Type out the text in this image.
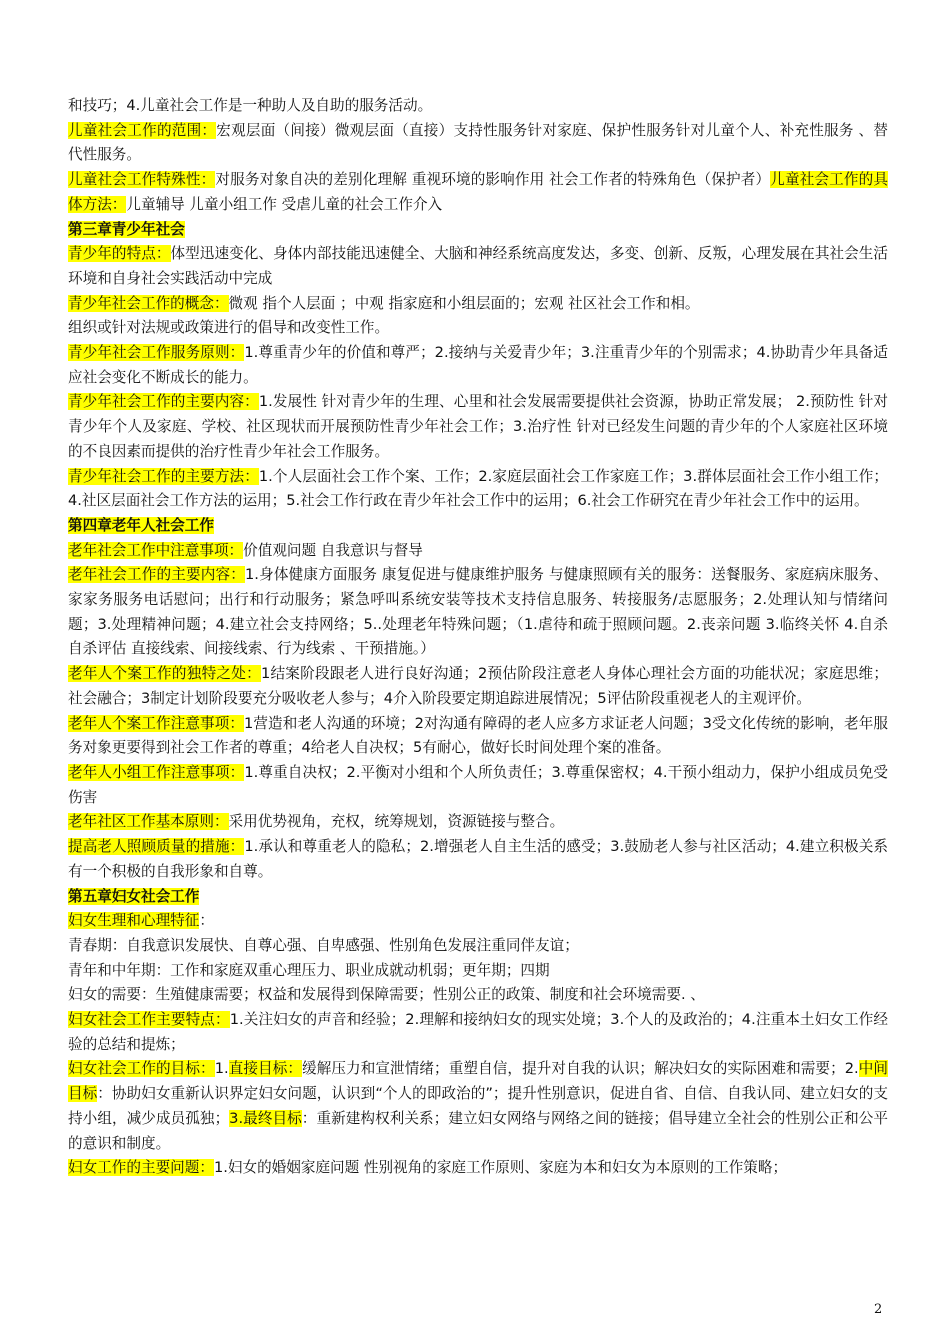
和技巧；4.儿童社会工作是一种助人及自助的服务活动。

儿童社会工作的范围：宏观层面（间接）微观层面（直接）支持性服务针对家庭、保护性服务针对儿童个人、补充性服务 、替代性服务。

儿童社会工作特殊性：对服务对象自决的差别化理解 重视环境的影响作用 社会工作者的特殊角色（保护者）儿童社会工作的具体方法：儿童辅导 儿童小组工作 受虐儿童的社会工作介入

第三章青少年社会

青少年的特点：体型迅速变化、身体内部技能迅速健全、大脑和神经系统高度发达，多变、创新、反叛，心理发展在其社会生活环境和自身社会实践活动中完成

青少年社会工作的概念：微观 指个人层面 ；中观 指家庭和小组层面的；宏观 社区社会工作和相。

组织或针对法规或政策进行的倡导和改变性工作。

青少年社会工作服务原则：1.尊重青少年的价值和尊严；2.接纳与关爱青少年；3.注重青少年的个别需求；4.协助青少年具备适应社会变化不断成长的能力。

青少年社会工作的主要内容：1.发展性 针对青少年的生理、心里和社会发展需要提供社会资源，协助正常发展； 2.预防性 针对青少年个人及家庭、学校、社区现状而开展预防性青少年社会工作；3.治疗性 针对已经发生问题的青少年的个人家庭社区环境的不良因素而提供的治疗性青少年社会工作服务。

青少年社会工作的主要方法：1.个人层面社会工作个案、工作；2.家庭层面社会工作家庭工作；3.群体层面社会工作小组工作；4.社区层面社会工作方法的运用；5.社会工作行政在青少年社会工作中的运用；6.社会工作研究在青少年社会工作中的运用。

第四章老年人社会工作

老年社会工作中注意事项：价值观问题 自我意识与督导

老年社会工作的主要内容：1.身体健康方面服务 康复促进与健康维护服务 与健康照顾有关的服务：送餐服务、家庭病床服务、家家务服务电话慰问；出行和行动服务；紧急呼叫系统安装等技术支持信息服务、转接服务/志愿服务；2.处理认知与情绪问题；3.处理精神问题；4.建立社会支持网络；5..处理老年特殊问题；（1.虐待和疏于照顾问题。2.丧亲问题 3.临终关怀 4.自杀 自杀评估 直接线索、间接线索、行为线索 、干预措施。）

老年人个案工作的独特之处：1结案阶段跟老人进行良好沟通；2预估阶段注意老人身体心理社会方面的功能状况；家庭思维；社会融合；3制定计划阶段要充分吸收老人参与；4介入阶段要定期追踪进展情况；5评估阶段重视老人的主观评价。

老年人个案工作注意事项：1营造和老人沟通的环境；2对沟通有障碍的老人应多方求证老人问题；3受文化传统的影响，老年服务对象更要得到社会工作者的尊重；4给老人自决权；5有耐心，做好长时间处理个案的准备。

老年人小组工作注意事项：1.尊重自决权；2.平衡对小组和个人所负责任；3.尊重保密权；4.干预小组动力，保护小组成员免受伤害

老年社区工作基本原则：采用优势视角，充权，统筹规划，资源链接与整合。

提高老人照顾质量的措施：1.承认和尊重老人的隐私；2.增强老人自主生活的感受；3.鼓励老人参与社区活动；4.建立积极关系 有一个积极的自我形象和自尊。

第五章妇女社会工作

妇女生理和心理特征：

青春期：自我意识发展快、自尊心强、自卑感强、性别角色发展注重同伴友谊；

青年和中年期：工作和家庭双重心理压力、职业成就动机弱；更年期；四期

妇女的需要：生殖健康需要；权益和发展得到保障需要；性别公正的政策、制度和社会环境需要. 、

妇女社会工作主要特点：1.关注妇女的声音和经验；2.理解和接纳妇女的现实处境；3.个人的及政治的；4.注重本土妇女工作经验的总结和提炼；

妇女社会工作的目标：1.直接目标：缓解压力和宣泄情绪；重塑自信，提升对自我的认识；解决妇女的实际困难和需要；2.中间目标：协助妇女重新认识界定妇女问题，认识到“个人的即政治的”；提升性别意识，促进自省、自信、自我认同、建立妇女的支持小组，减少成员孤独；3.最终目标：重新建构权利关系；建立妇女网络与网络之间的链接；倡导建立全社会的性别公正和公平的意识和制度。

妇女工作的主要问题：1.妇女的婚姻家庭问题 性别视角的家庭工作原则、家庭为本和妇女为本原则的工作策略；

2
